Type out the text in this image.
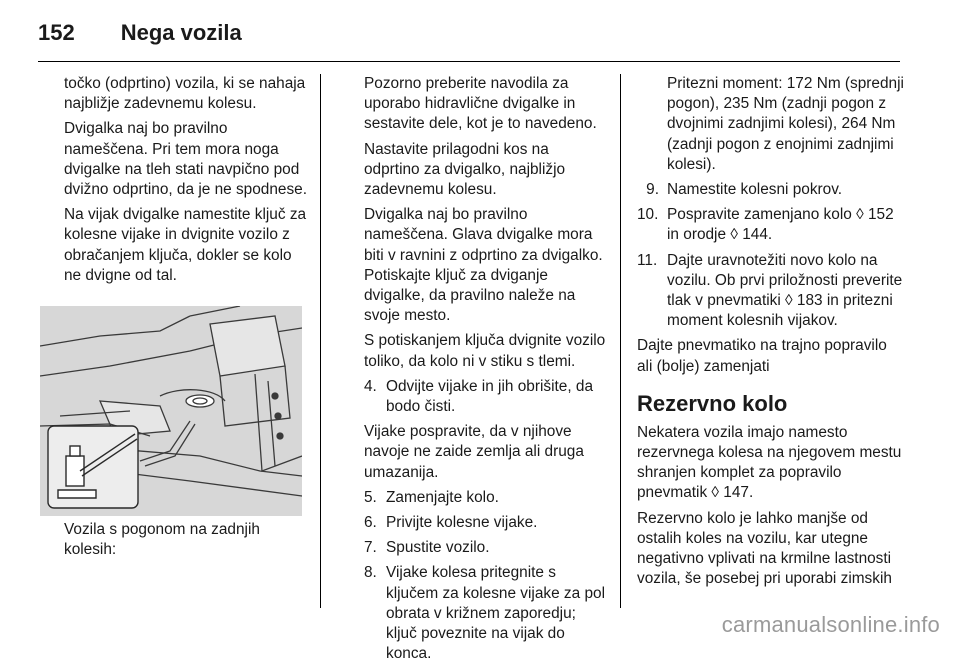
152 Nega vozila

točko (odprtino) vozila, ki se nahaja najbližje zadevnemu kolesu.

Dvigalka naj bo pravilno nameščena. Pri tem mora noga dvigalke na tleh stati navpično pod dvižno odprtino, da je ne spodnese.

Na vijak dvigalke namestite ključ za kolesne vijake in dvignite vozilo z obračanjem ključa, dokler se kolo ne dvigne od tal.

Vozila s pogonom na zadnjih kolesih:

Pozorno preberite navodila za uporabo hidravlične dvigalke in sestavite dele, kot je to navedeno.

Nastavite prilagodni kos na odprtino za dvigalko, najbližjo zadevnemu kolesu.

Dvigalka naj bo pravilno nameščena. Glava dvigalke mora biti v ravnini z odprtino za dvigalko. Potiskajte ključ za dviganje dvigalke, da pravilno naleže na svoje mesto.

S potiskanjem ključa dvignite vozilo toliko, da kolo ni v stiku s tlemi.

4. Odvijte vijake in jih obrišite, da bodo čisti.

Vijake pospravite, da v njihove navoje ne zaide zemlja ali druga umazanija.

5. Zamenjajte kolo.
6. Privijte kolesne vijake.
7. Spustite vozilo.
8. Vijake kolesa pritegnite s ključem za kolesne vijake za pol obrata v križnem zaporedju; ključ poveznite na vijak do konca.

Pritezni moment: 172 Nm (sprednji pogon), 235 Nm (zadnji pogon z dvojnimi zadnjimi kolesi), 264 Nm (zadnji pogon z enojnimi zadnjimi kolesi).

9. Namestite kolesni pokrov.
10. Pospravite zamenjano kolo ◊ 152 in orodje ◊ 144.
11. Dajte uravnotežiti novo kolo na vozilu. Ob prvi priložnosti preverite tlak v pnevmatiki ◊ 183 in pritezni moment kolesnih vijakov.

Dajte pnevmatiko na trajno popravilo ali (bolje) zamenjati

Rezervno kolo

Nekatera vozila imajo namesto rezervnega kolesa na njegovem mestu shranjen komplet za popravilo pnevmatik ◊ 147.

Rezervno kolo je lahko manjše od ostalih koles na vozilu, kar utegne negativno vplivati na krmilne lastnosti vozila, še posebej pri uporabi zimskih

carmanualsonline.info
